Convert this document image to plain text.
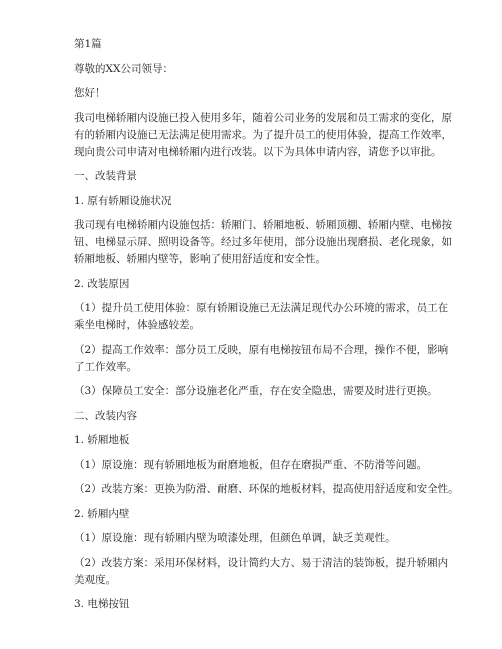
第1篇
尊敬的XX公司领导：
您好！
我司电梯轿厢内设施已投入使用多年，随着公司业务的发展和员工需求的变化，原
有的轿厢内设施已无法满足使用需求。为了提升员工的使用体验，提高工作效率，
现向贵公司申请对电梯轿厢内进行改装。以下为具体申请内容，请您予以审批。
一、改装背景
1. 原有轿厢设施状况
我司现有电梯轿厢内设施包括：轿厢门、轿厢地板、轿厢顶棚、轿厢内壁、电梯按
钮、电梯显示屏、照明设备等。经过多年使用，部分设施出现磨损、老化现象，如
轿厢地板、轿厢内壁等，影响了使用舒适度和安全性。
2. 改装原因
（1）提升员工使用体验：原有轿厢设施已无法满足现代办公环境的需求，员工在
乘坐电梯时，体验感较差。
（2）提高工作效率：部分员工反映，原有电梯按钮布局不合理，操作不便，影响
了工作效率。
（3）保障员工安全：部分设施老化严重，存在安全隐患，需要及时进行更换。
二、改装内容
1. 轿厢地板
（1）原设施：现有轿厢地板为耐磨地板，但存在磨损严重、不防滑等问题。
（2）改装方案：更换为防滑、耐磨、环保的地板材料，提高使用舒适度和安全性。
2. 轿厢内壁
（1）原设施：现有轿厢内壁为喷漆处理，但颜色单调，缺乏美观性。
（2）改装方案：采用环保材料，设计简约大方、易于清洁的装饰板，提升轿厢内
美观度。
3. 电梯按钮
